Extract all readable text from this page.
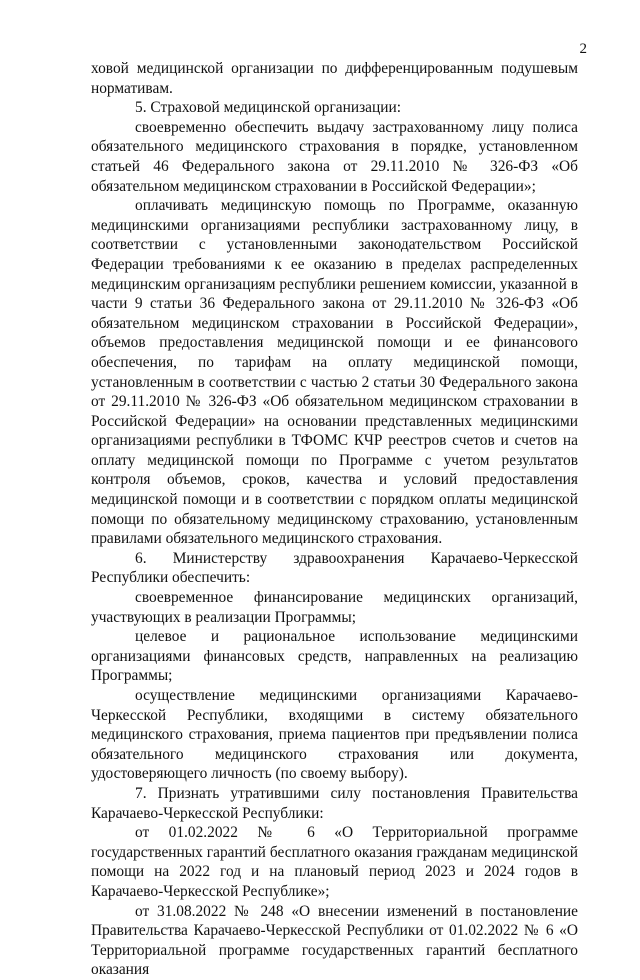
2

ховой медицинской организации по дифференцированным подушевым нормативам.

5. Страховой медицинской организации:

своевременно обеспечить выдачу застрахованному лицу полиса обязательного медицинского страхования в порядке, установленном статьей 46 Федерального закона от 29.11.2010 № 326-ФЗ «Об обязательном медицинском страховании в Российской Федерации»;

оплачивать медицинскую помощь по Программе, оказанную медицинскими организациями республики застрахованному лицу, в соответствии с установленными законодательством Российской Федерации требованиями к ее оказанию в пределах распределенных медицинским организациям республики решением комиссии, указанной в части 9 статьи 36 Федерального закона от 29.11.2010 № 326-ФЗ «Об обязательном медицинском страховании в Российской Федерации», объемов предоставления медицинской помощи и ее финансового обеспечения, по тарифам на оплату медицинской помощи, установленным в соответствии с частью 2 статьи 30 Федерального закона от 29.11.2010 № 326-ФЗ «Об обязательном медицинском страховании в Российской Федерации» на основании представленных медицинскими организациями республики в ТФОМС КЧР реестров счетов и счетов на оплату медицинской помощи по Программе с учетом результатов контроля объемов, сроков, качества и условий предоставления медицинской помощи и в соответствии с порядком оплаты медицинской помощи по обязательному медицинскому страхованию, установленным правилами обязательного медицинского страхования.

6. Министерству здравоохранения Карачаево-Черкесской Республики обеспечить:

своевременное финансирование медицинских организаций, участвующих в реализации Программы;

целевое и рациональное использование медицинскими организациями финансовых средств, направленных на реализацию Программы;

осуществление медицинскими организациями Карачаево-Черкесской Республики, входящими в систему обязательного медицинского страхования, приема пациентов при предъявлении полиса обязательного медицинского страхования или документа, удостоверяющего личность (по своему выбору).

7. Признать утратившими силу постановления Правительства Карачаево-Черкесской Республики:

от 01.02.2022 № 6 «О Территориальной программе государственных гарантий бесплатного оказания гражданам медицинской помощи на 2022 год и на плановый период 2023 и 2024 годов в Карачаево-Черкесской Республике»;

от 31.08.2022 № 248 «О внесении изменений в постановление Правительства Карачаево-Черкесской Республики от 01.02.2022 № 6 «О Территориальной программе государственных гарантий бесплатного оказания
